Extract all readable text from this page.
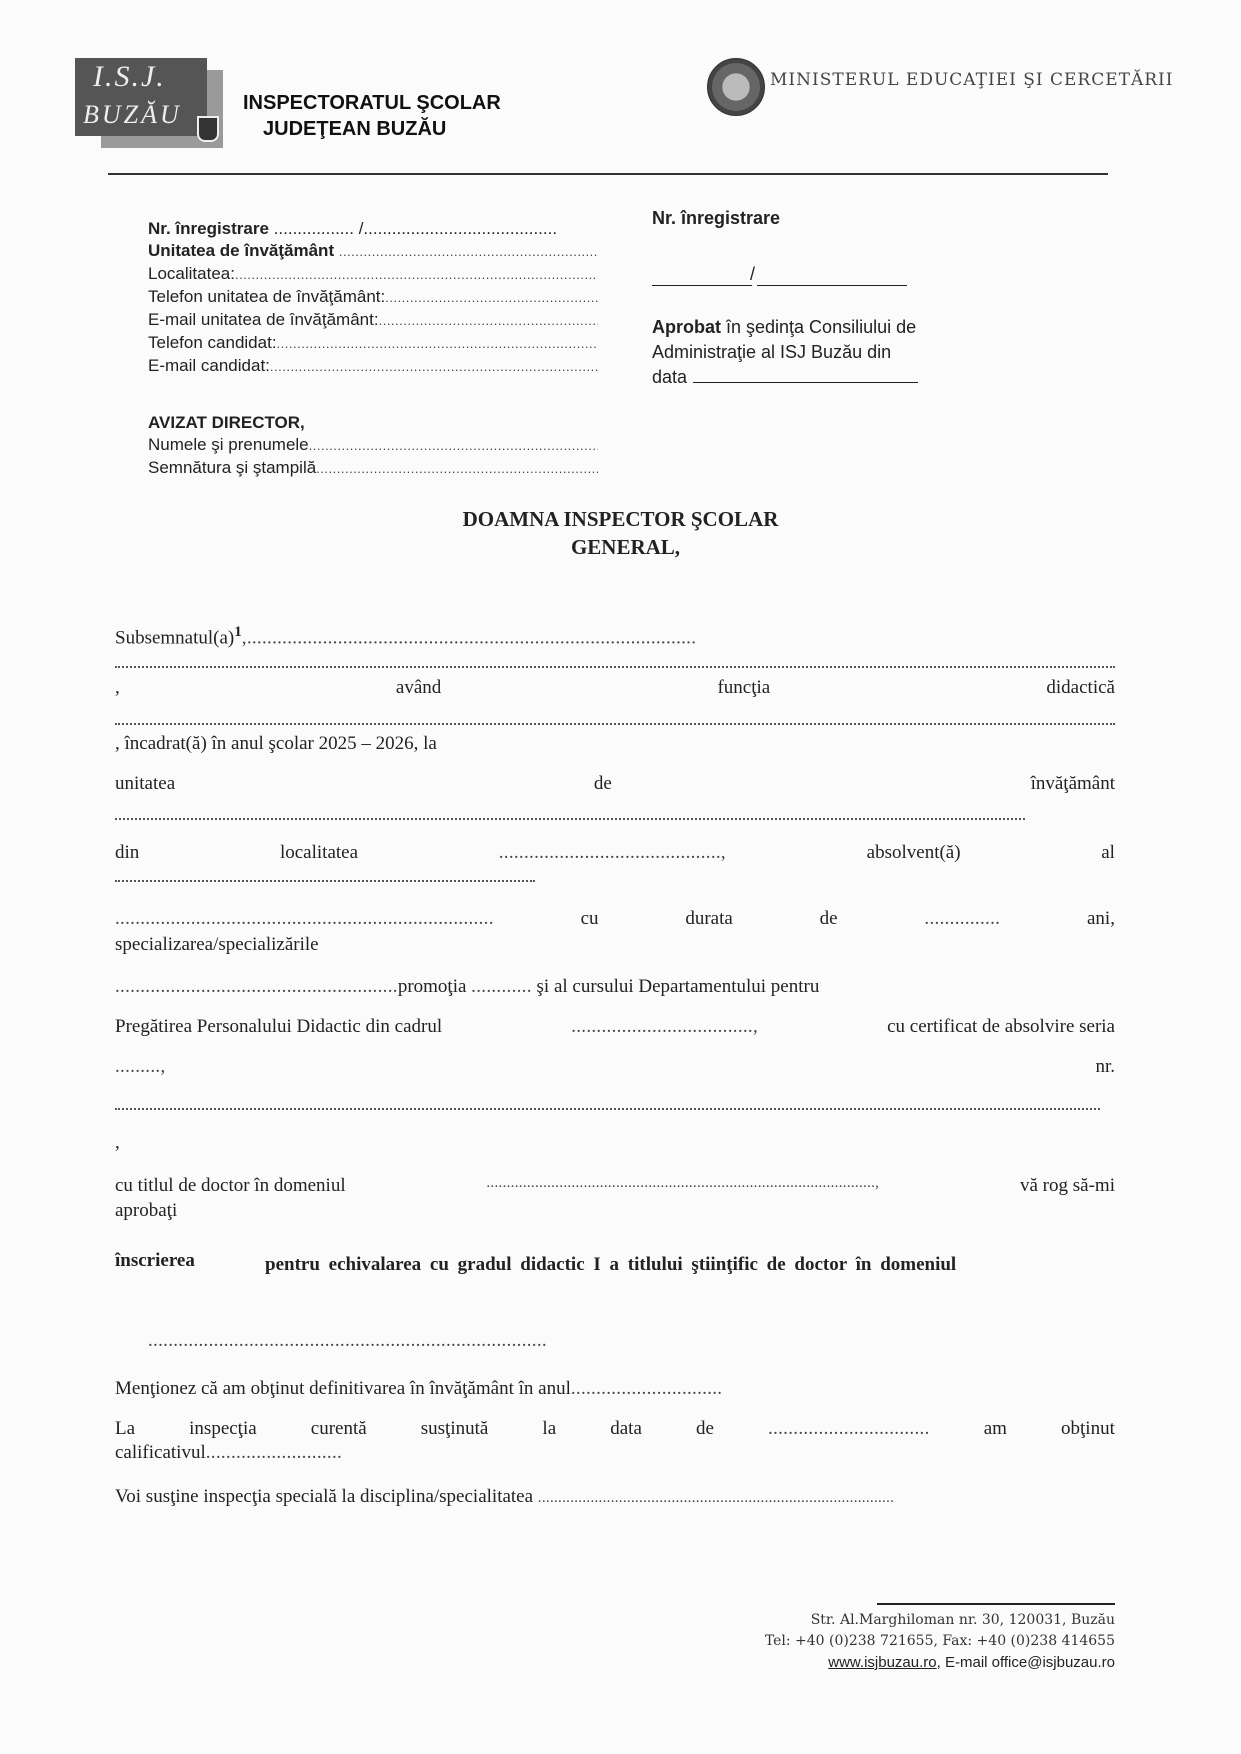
I.S.J.
BUZĂU	INSPECTORATUL ŞCOLAR
JUDEŢEAN BUZĂU
MINISTERUL EDUCAŢIEI ŞI CERCETĂRII
Nr. înregistrare
................. /.........................................
Unitatea de învăţământ

.....
Localitatea:
.....
Telefon unitatea de învăţământ:
.....
E-mail unitatea de învăţământ:
.....
Telefon candidat:
.....
E-mail candidat:
.....
Nr. înregistrare
/
Aprobat în şedinţa Consiliului de Administraţie al ISJ Buzău din
data
AVIZAT DIRECTOR,
Numele şi prenumele
.....
Semnătura şi ştampilă
.....
DOAMNA INSPECTOR ŞCOLAR
GENERAL,
Subsemnatul(a)$^1$,.........................................................................................
,	având	funcţia	didactică
, încadrat(ă) în anul şcolar 2025 – 2026, la
unitatea	de	învăţământ
din	localitatea	............................................,	absolvent(ă)	al
...........................................................................	cu	durata	de	...............	ani,
specializarea/specializările
........................................................promoţia ............ şi al cursului Departamentului pentru
Pregătirea Personalului Didactic din cadrul	....................................,	cu certificat de absolvire seria
.........,	nr.
,
cu titlul de doctor în domeniul	................................................................................................,	vă rog să-mi
aprobaţi
înscrierea	pentru echivalarea cu gradul didactic I a titlului ştiinţific de doctor în domeniul
...............................................................................
Menţionez că am obţinut definitivarea în învăţământ în anul..............................
La	inspecţia	curentă	susţinută	la	data	de	................................	am	obţinut
calificativul...........................
Voi susţine inspecţia specială la disciplina/specialitatea ........................................................................................
Str. Al.Marghiloman nr. 30, 120031, Buzău
Tel: +40 (0)238 721655, Fax: +40 (0)238 414655
www.isjbuzau.ro, E-mail office@isjbuzau.ro
